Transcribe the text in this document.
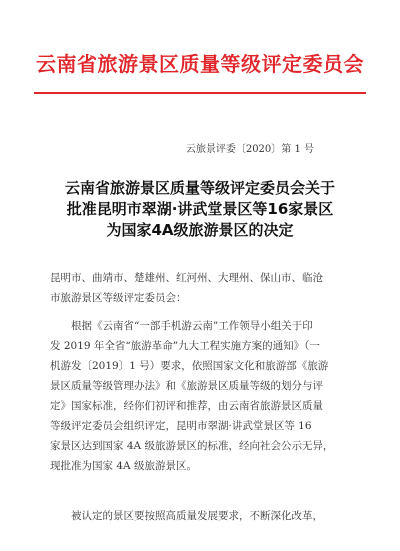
云南省旅游景区质量等级评定委员会
云旅景评委〔2020〕第 1 号
云南省旅游景区质量等级评定委员会关于
批准昆明市翠湖·讲武堂景区等16家景区
为国家4A级旅游景区的决定
昆明市、曲靖市、楚雄州、红河州、大理州、保山市、临沧
市旅游景区等级评定委员会：
　　根据《云南省“一部手机游云南”工作领导小组关于印
发 2019 年全省“旅游革命”九大工程实施方案的通知》（一
机游发〔2019〕1 号）要求，依照国家文化和旅游部《旅游
景区质量等级管理办法》和《旅游景区质量等级的划分与评
定》国家标准，经你们初评和推荐，由云南省旅游景区质量
等级评定委员会组织评定，昆明市翠湖·讲武堂景区等 16
家景区达到国家 4A 级旅游景区的标准，经向社会公示无异，
现批准为国家 4A 级旅游景区。
　　被认定的景区要按照高质量发展要求，不断深化改革，
